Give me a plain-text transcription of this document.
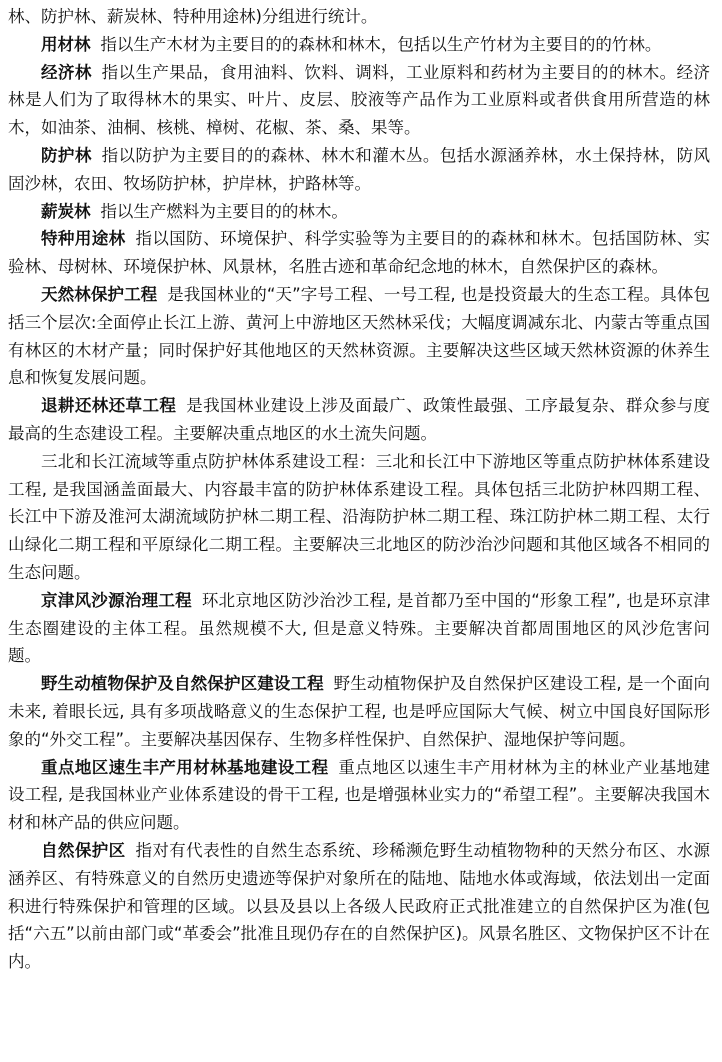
林、防护林、薪炭林、特种用途林)分组进行统计。

用材林 指以生产木材为主要目的的森林和林木，包括以生产竹材为主要目的的竹林。

经济林 指以生产果品，食用油料、饮料、调料，工业原料和药材为主要目的的林木。经济林是人们为了取得林木的果实、叶片、皮层、胶液等产品作为工业原料或者供食用所营造的林木，如油茶、油桐、核桃、樟树、花椒、茶、桑、果等。

防护林 指以防护为主要目的的森林、林木和灌木丛。包括水源涵养林，水土保持林，防风固沙林，农田、牧场防护林，护岸林，护路林等。

薪炭林 指以生产燃料为主要目的的林木。

特种用途林 指以国防、环境保护、科学实验等为主要目的的森林和林木。包括国防林、实验林、母树林、环境保护林、风景林，名胜古迹和革命纪念地的林木，自然保护区的森林。

天然林保护工程 是我国林业的“天”字号工程、一号工程, 也是投资最大的生态工程。具体包括三个层次:全面停止长江上游、黄河上中游地区天然林采伐；大幅度调减东北、内蒙古等重点国有林区的木材产量；同时保护好其他地区的天然林资源。主要解决这些区域天然林资源的休养生息和恢复发展问题。

退耕还林还草工程 是我国林业建设上涉及面最广、政策性最强、工序最复杂、群众参与度最高的生态建设工程。主要解决重点地区的水土流失问题。

三北和长江流域等重点防护林体系建设工程：三北和长江中下游地区等重点防护林体系建设工程, 是我国涵盖面最大、内容最丰富的防护林体系建设工程。具体包括三北防护林四期工程、长江中下游及淮河太湖流域防护林二期工程、沿海防护林二期工程、珠江防护林二期工程、太行山绿化二期工程和平原绿化二期工程。主要解决三北地区的防沙治沙问题和其他区域各不相同的生态问题。

京津风沙源治理工程 环北京地区防沙治沙工程, 是首都乃至中国的“形象工程”, 也是环京津生态圈建设的主体工程。虽然规模不大, 但是意义特殊。主要解决首都周围地区的风沙危害问题。

野生动植物保护及自然保护区建设工程 野生动植物保护及自然保护区建设工程, 是一个面向未来, 着眼长远, 具有多项战略意义的生态保护工程, 也是呼应国际大气候、树立中国良好国际形象的“外交工程”。主要解决基因保存、生物多样性保护、自然保护、湿地保护等问题。

重点地区速生丰产用材林基地建设工程 重点地区以速生丰产用材林为主的林业产业基地建设工程, 是我国林业产业体系建设的骨干工程, 也是增强林业实力的“希望工程”。主要解决我国木材和林产品的供应问题。

自然保护区 指对有代表性的自然生态系统、珍稀濒危野生动植物物种的天然分布区、水源涵养区、有特殊意义的自然历史遗迹等保护对象所在的陆地、陆地水体或海域，依法划出一定面积进行特殊保护和管理的区域。以县及县以上各级人民政府正式批准建立的自然保护区为准(包括“六五”以前由部门或“革委会”批准且现仍存在的自然保护区)。风景名胜区、文物保护区不计在内。
